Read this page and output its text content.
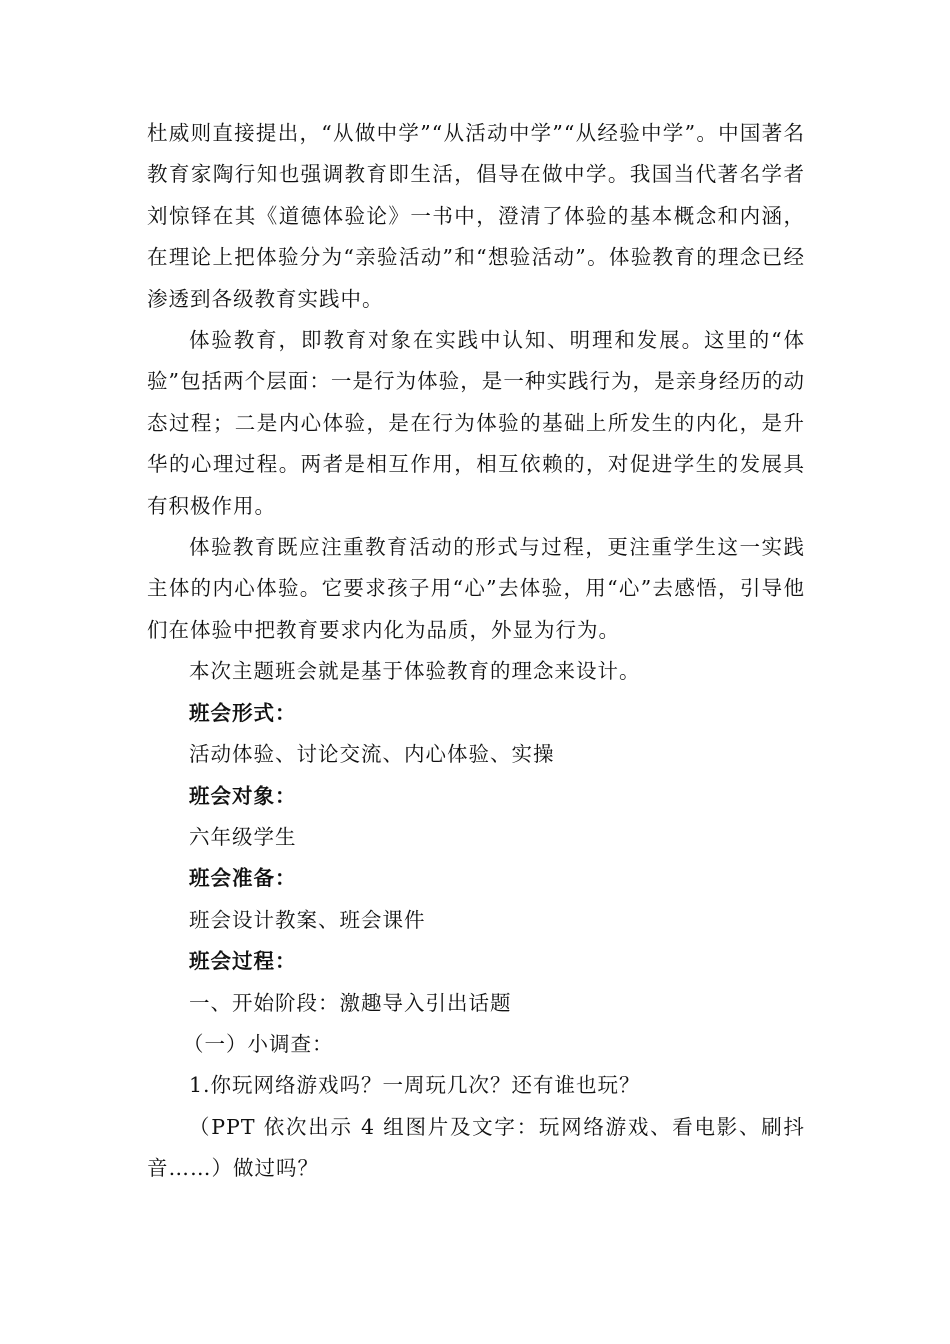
杜威则直接提出，“从做中学”“从活动中学”“从经验中学”。中国著名教育家陶行知也强调教育即生活，倡导在做中学。我国当代著名学者刘惊铎在其《道德体验论》一书中，澄清了体验的基本概念和内涵，在理论上把体验分为“亲验活动”和“想验活动”。体验教育的理念已经渗透到各级教育实践中。

体验教育，即教育对象在实践中认知、明理和发展。这里的“体验”包括两个层面：一是行为体验，是一种实践行为，是亲身经历的动态过程；二是内心体验，是在行为体验的基础上所发生的内化，是升华的心理过程。两者是相互作用，相互依赖的，对促进学生的发展具有积极作用。

体验教育既应注重教育活动的形式与过程，更注重学生这一实践主体的内心体验。它要求孩子用“心”去体验，用“心”去感悟，引导他们在体验中把教育要求内化为品质，外显为行为。

本次主题班会就是基于体验教育的理念来设计。

班会形式：

活动体验、讨论交流、内心体验、实操

班会对象：

六年级学生

班会准备：

班会设计教案、班会课件

班会过程：

一、开始阶段：激趣导入引出话题

（一）小调查：

1.你玩网络游戏吗？一周玩几次？还有谁也玩？

（PPT 依次出示 4 组图片及文字：玩网络游戏、看电影、刷抖音……）做过吗？
